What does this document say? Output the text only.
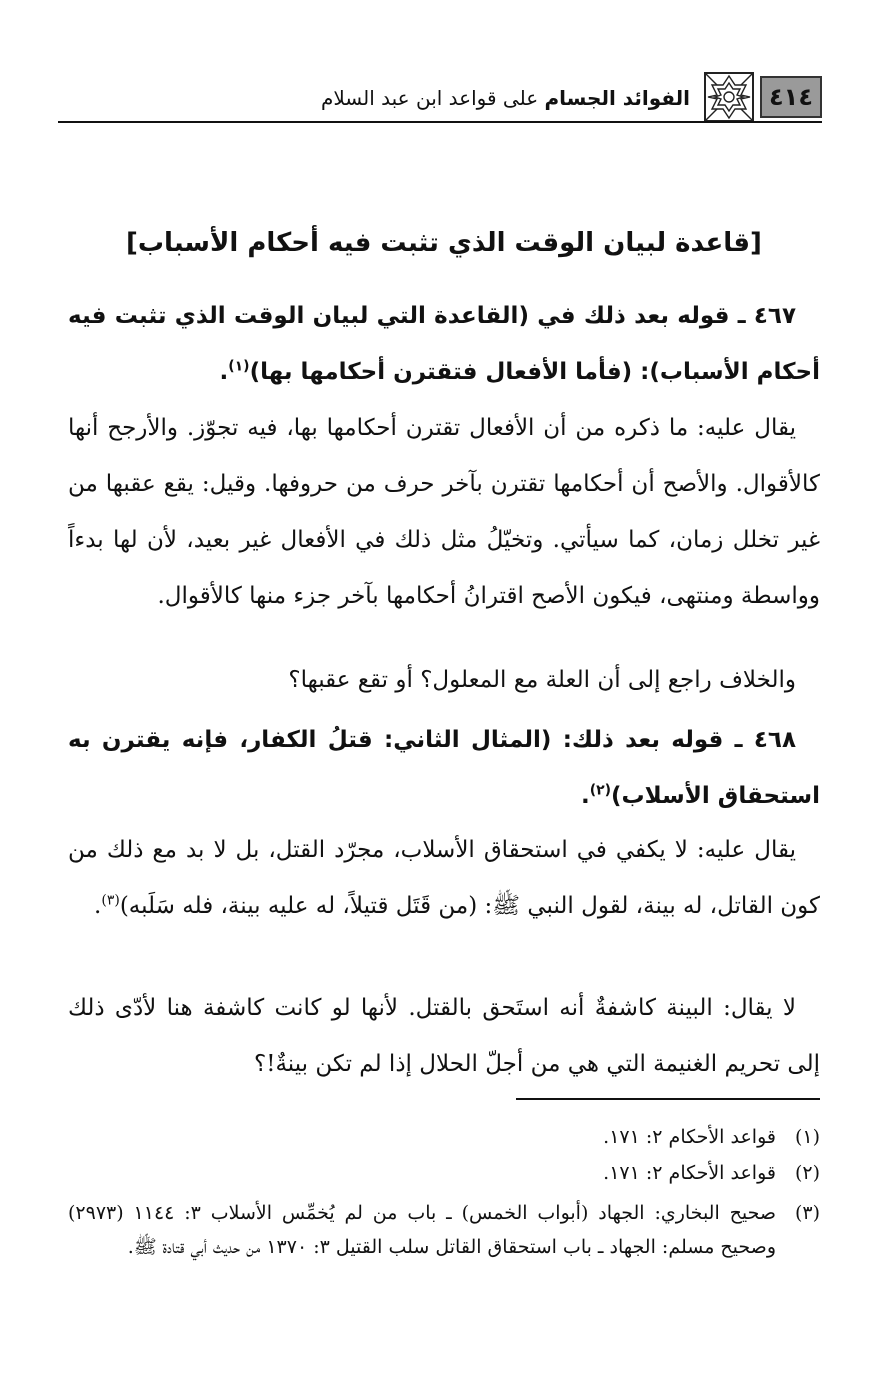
٤١٤
الفوائد الجسام على قواعد ابن عبد السلام
[قاعدة لبيان الوقت الذي تثبت فيه أحكام الأسباب]
٤٦٧ ـ قوله بعد ذلك في (القاعدة التي لبيان الوقت الذي تثبت فيه أحكام الأسباب): (فأما الأفعال فتقترن أحكامها بها)$^{(١)}$.
يقال عليه: ما ذكره من أن الأفعال تقترن أحكامها بها، فيه تجوّز. والأرجح أنها كالأقوال. والأصح أن أحكامها تقترن بآخر حرف من حروفها. وقيل: يقع عقبها من غير تخلل زمان، كما سيأتي. وتخيّلُ مثل ذلك في الأفعال غير بعيد، لأن لها بدءاً وواسطة ومنتهى، فيكون الأصح اقترانُ أحكامها بآخر جزء منها كالأقوال.
والخلاف راجع إلى أن العلة مع المعلول؟ أو تقع عقبها؟
٤٦٨ ـ قوله بعد ذلك: (المثال الثاني: قتلُ الكفار، فإنه يقترن به استحقاق الأسلاب)$^{(٢)}$.
يقال عليه: لا يكفي في استحقاق الأسلاب، مجرّد القتل، بل لا بد مع ذلك من كون القاتل، له بينة، لقول النبي ﷺ: (من قَتَل قتيلاً، له عليه بينة، فله سَلَبه)$^{(٣)}$.
لا يقال: البينة كاشفةٌ أنه استَحق بالقتل. لأنها لو كانت كاشفة هنا لأدّى ذلك إلى تحريم الغنيمة التي هي من أجلّ الحلال إذا لم تكن بينةٌ!؟
(١)
قواعد الأحكام ٢: ١٧١.
(٢)
قواعد الأحكام ٢: ١٧١.
(٣)
صحيح البخاري: الجهاد (أبواب الخمس) ـ باب من لم يُخمِّس الأسلاب ٣: ١١٤٤ (٢٩٧٣) وصحيح مسلم: الجهاد ـ باب استحقاق القاتل سلب القتيل ٣: ١٣٧٠ من حديث أبي قتادة ﷺ.
